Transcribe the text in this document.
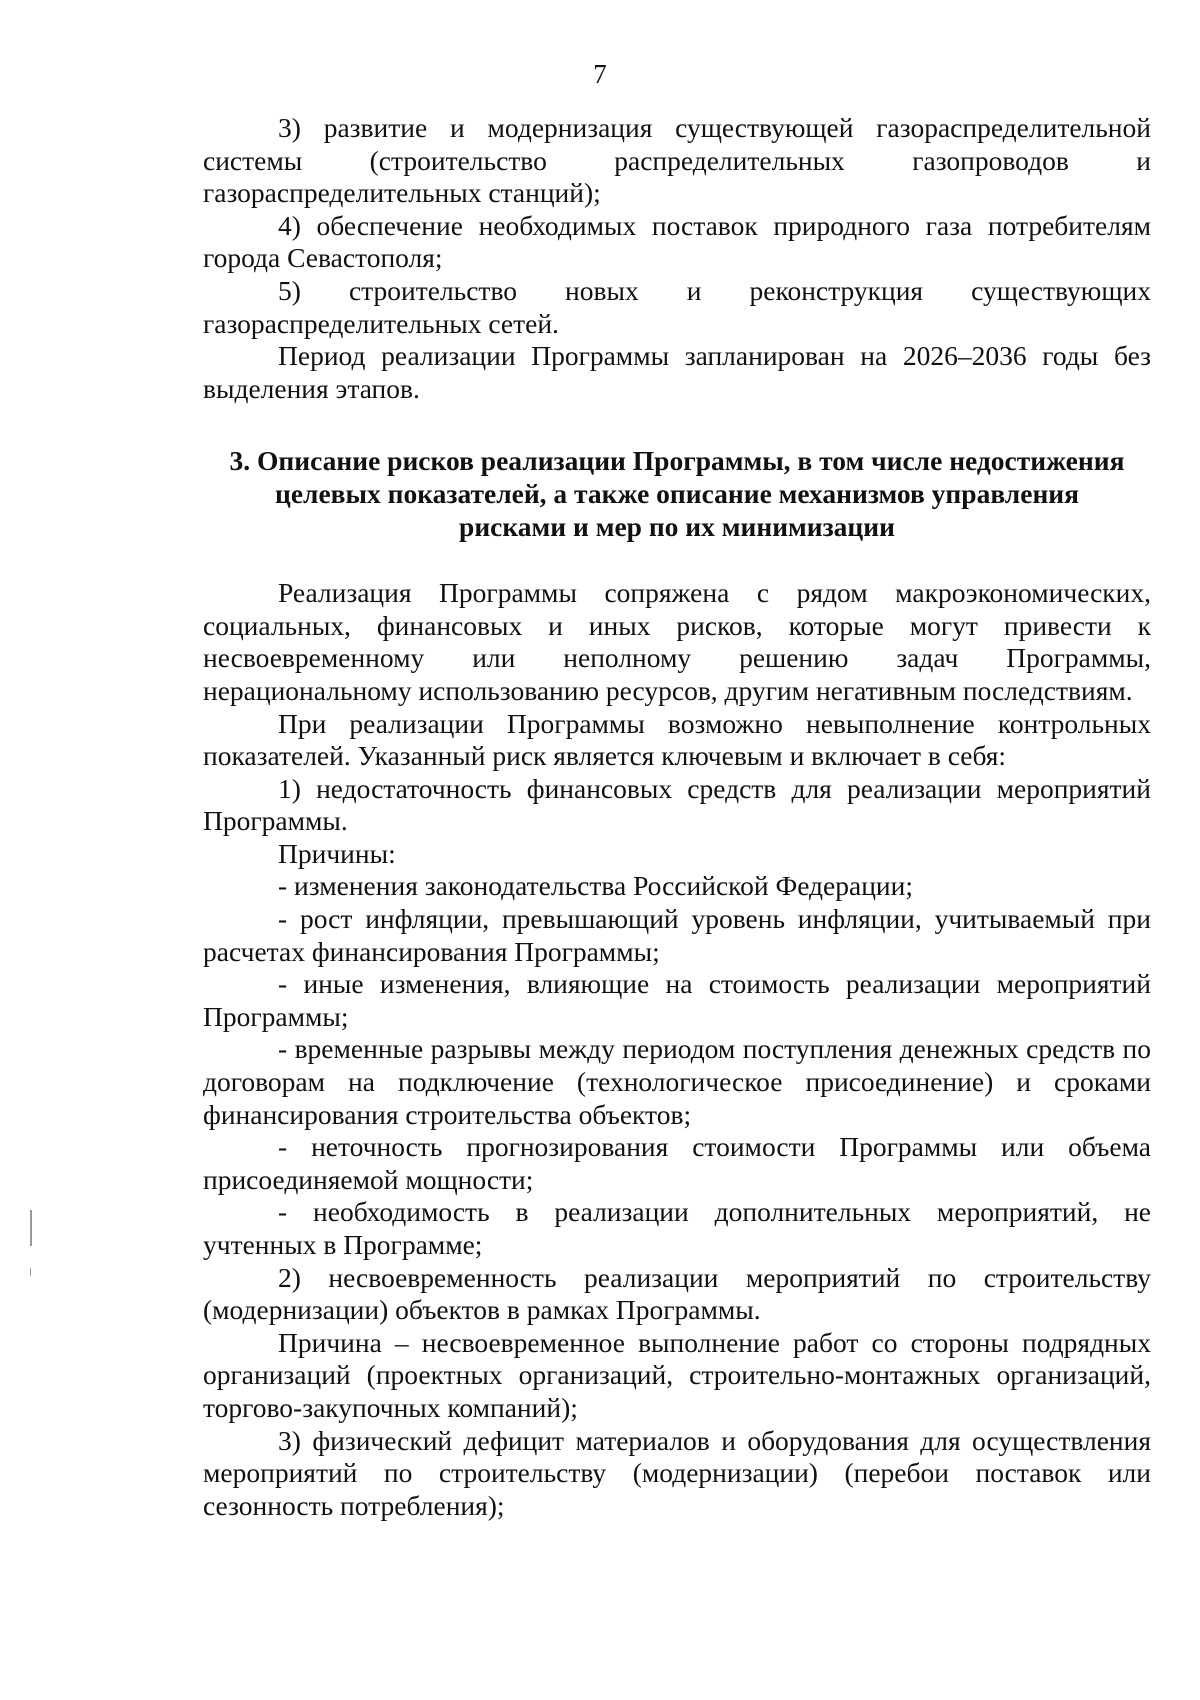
7

3) развитие и модернизация существующей газораспределительной системы (строительство распределительных газопроводов и газораспределительных станций);

4) обеспечение необходимых поставок природного газа потребителям города Севастополя;

5) строительство новых и реконструкция существующих газораспределительных сетей.

Период реализации Программы запланирован на 2026–2036 годы без выделения этапов.

3. Описание рисков реализации Программы, в том числе недостижения
целевых показателей, а также описание механизмов управления
рисками и мер по их минимизации

Реализация Программы сопряжена с рядом макроэкономических, социальных, финансовых и иных рисков, которые могут привести к несвоевременному или неполному решению задач Программы, нерациональному использованию ресурсов, другим негативным последствиям.

При реализации Программы возможно невыполнение контрольных показателей. Указанный риск является ключевым и включает в себя:

1) недостаточность финансовых средств для реализации мероприятий Программы.

Причины:

- изменения законодательства Российской Федерации;

- рост инфляции, превышающий уровень инфляции, учитываемый при расчетах финансирования Программы;

- иные изменения, влияющие на стоимость реализации мероприятий Программы;

- временные разрывы между периодом поступления денежных средств по договорам на подключение (технологическое присоединение) и сроками финансирования строительства объектов;

- неточность прогнозирования стоимости Программы или объема присоединяемой мощности;

- необходимость в реализации дополнительных мероприятий, не учтенных в Программе;

2) несвоевременность реализации мероприятий по строительству (модернизации) объектов в рамках Программы.

Причина – несвоевременное выполнение работ со стороны подрядных организаций (проектных организаций, строительно-монтажных организаций, торгово-закупочных компаний);

3) физический дефицит материалов и оборудования для осуществления мероприятий по строительству (модернизации) (перебои поставок или сезонность потребления);
